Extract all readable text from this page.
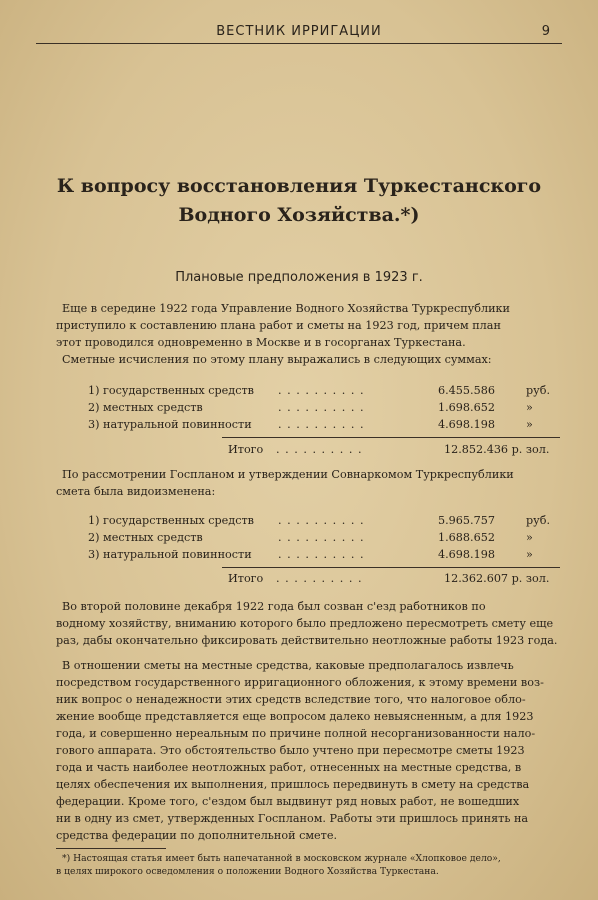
ВЕСТНИК ИРРИГАЦИИ	9
К вопросу восстановления Туркестанского
Водного Хозяйства.*)
Плановые предположения в 1923 г.
Еще в середине 1922 года Управление Водного Хозяйства Туркреспублики
приступило к составлению плана работ и сметы на 1923 год, причем план
этот проводился одновременно в Москве и в госорганах Туркестана.
Сметные исчисления по этому плану выражались в следующих суммах:
1) государственных средств . . . . . . . . . .	6.455.586	руб.
2) местных средств	. . . . . . . . . .	1.698.652	»
3) натуральной повинности . . . . . . . . . .	4.698.198	»
Итого . . . . . . . . . .	12.852.436 р. зол.
По рассмотрении Госпланом и утверждении Совнаркомом Туркреспублики
смета была видоизменена:
1) государственных средств . . . . . . . . . .	5.965.757	руб.
2) местных средств	. . . . . . . . . .	1.688.652	»
3) натуральной повинности . . . . . . . . . .	4.698.198	»
Итого . . . . . . . . . .	12.362.607 р. зол.
Во второй половине декабря 1922 года был созван с'езд работников по
водному хозяйству, вниманию которого было предложено пересмотреть смету еще
раз, дабы окончательно фиксировать действительно неотложные работы 1923 года.
В отношении сметы на местные средства, каковые предполагалось извлечь
посредством государственного ирригационного обложения, к этому времени воз-
ник вопрос о ненадежности этих средств вследствие того, что налоговое обло-
жение вообще представляется еще вопросом далеко невыясненным, а для 1923
года, и совершенно нереальным по причине полной несорганизованности нало-
гового аппарата. Это обстоятельство было учтено при пересмотре сметы 1923
года и часть наиболее неотложных работ, отнесенных на местные средства, в
целях обеспечения их выполнения, пришлось передвинуть в смету на средства
федерации. Кроме того, с'ездом был выдвинут ряд новых работ, не вошедших
ни в одну из смет, утвержденных Госпланом. Работы эти пришлось принять на
средства федерации по дополнительной смете.
*) Настоящая статья имеет быть напечатанной в московском журнале «Хлопковое дело»,
в целях широкого осведомления о положении Водного Хозяйства Туркестана.
